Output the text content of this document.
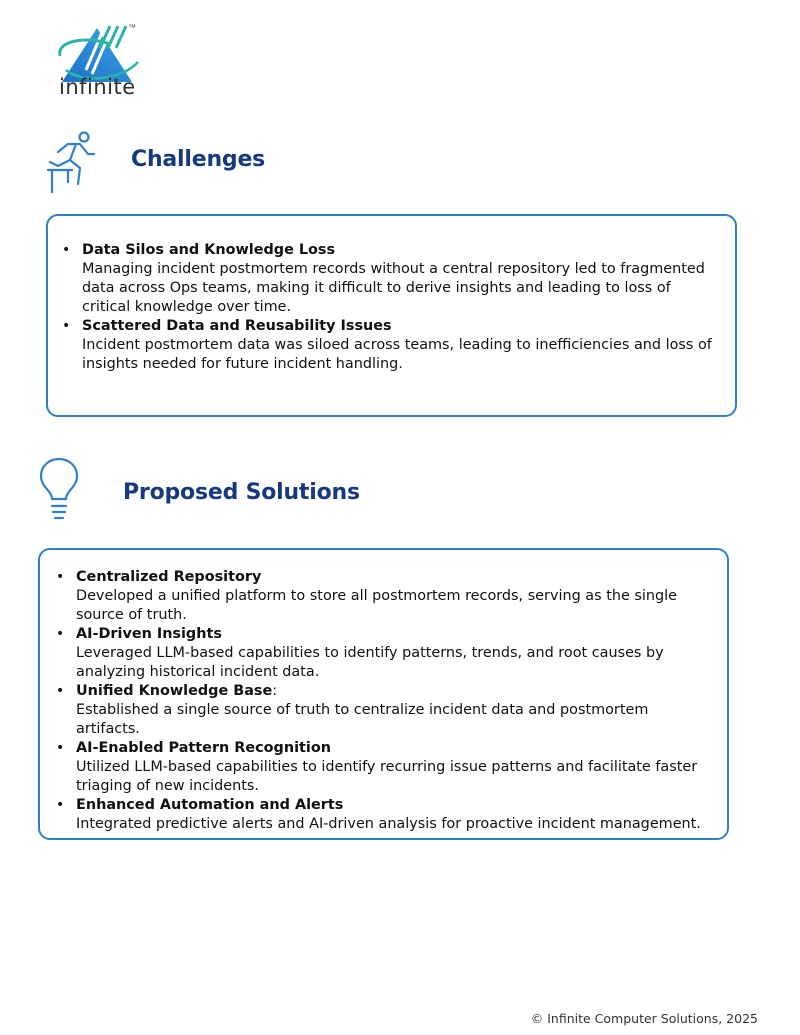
infinite
™
Challenges
• Data Silos and Knowledge Loss
Managing incident postmortem records without a central repository led to fragmented data across Ops teams, making it difficult to derive insights and leading to loss of critical knowledge over time.
• Scattered Data and Reusability Issues
Incident postmortem data was siloed across teams, leading to inefficiencies and loss of insights needed for future incident handling.
Proposed Solutions
• Centralized Repository
Developed a unified platform to store all postmortem records, serving as the single source of truth.
• AI-Driven Insights
Leveraged LLM-based capabilities to identify patterns, trends, and root causes by analyzing historical incident data.
• Unified Knowledge Base:
Established a single source of truth to centralize incident data and postmortem artifacts.
• AI-Enabled Pattern Recognition
Utilized LLM-based capabilities to identify recurring issue patterns and facilitate faster triaging of new incidents.
• Enhanced Automation and Alerts
Integrated predictive alerts and AI-driven analysis for proactive incident management.
© Infinite Computer Solutions, 2025
